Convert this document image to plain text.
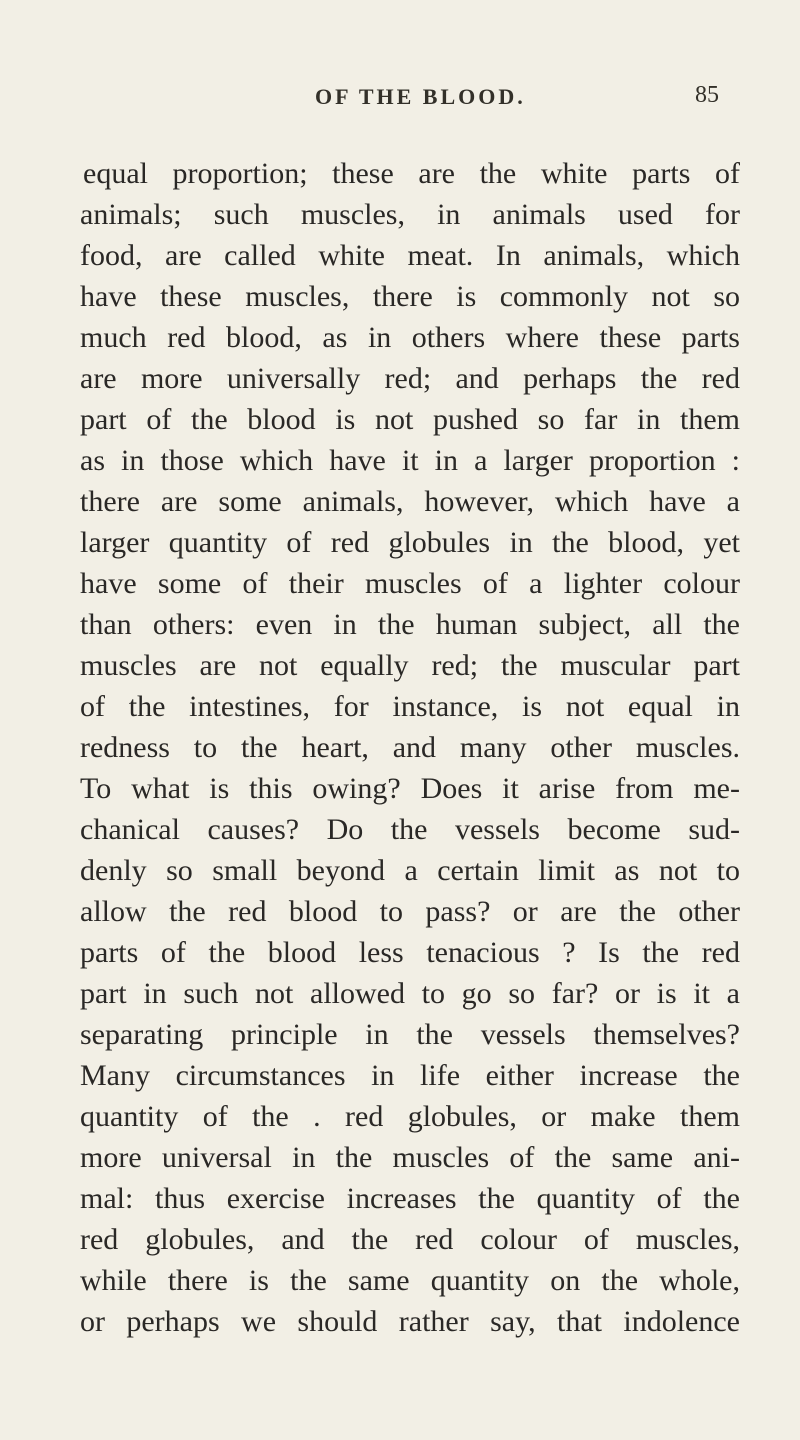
OF THE BLOOD.	85
equal proportion; these are the white parts of
animals; such muscles, in animals used for
food, are called white meat. In animals, which
have these muscles, there is commonly not so
much red blood, as in others where these parts
are more universally red; and perhaps the red
part of the blood is not pushed so far in them
as in those which have it in a larger proportion :
there are some animals, however, which have a
larger quantity of red globules in the blood, yet
have some of their muscles of a lighter colour
than others: even in the human subject, all the
muscles are not equally red; the muscular part
of the intestines, for instance, is not equal in
redness to the heart, and many other muscles.
To what is this owing? Does it arise from me-
chanical causes? Do the vessels become sud-
denly so small beyond a certain limit as not to
allow the red blood to pass? or are the other
parts of the blood less tenacious ? Is the red
part in such not allowed to go so far? or is it a
separating principle in the vessels themselves?
Many circumstances in life either increase the
quantity of the . red globules, or make them
more universal in the muscles of the same ani-
mal: thus exercise increases the quantity of the
red globules, and the red colour of muscles,
while there is the same quantity on the whole,
or perhaps we should rather say, that indolence
